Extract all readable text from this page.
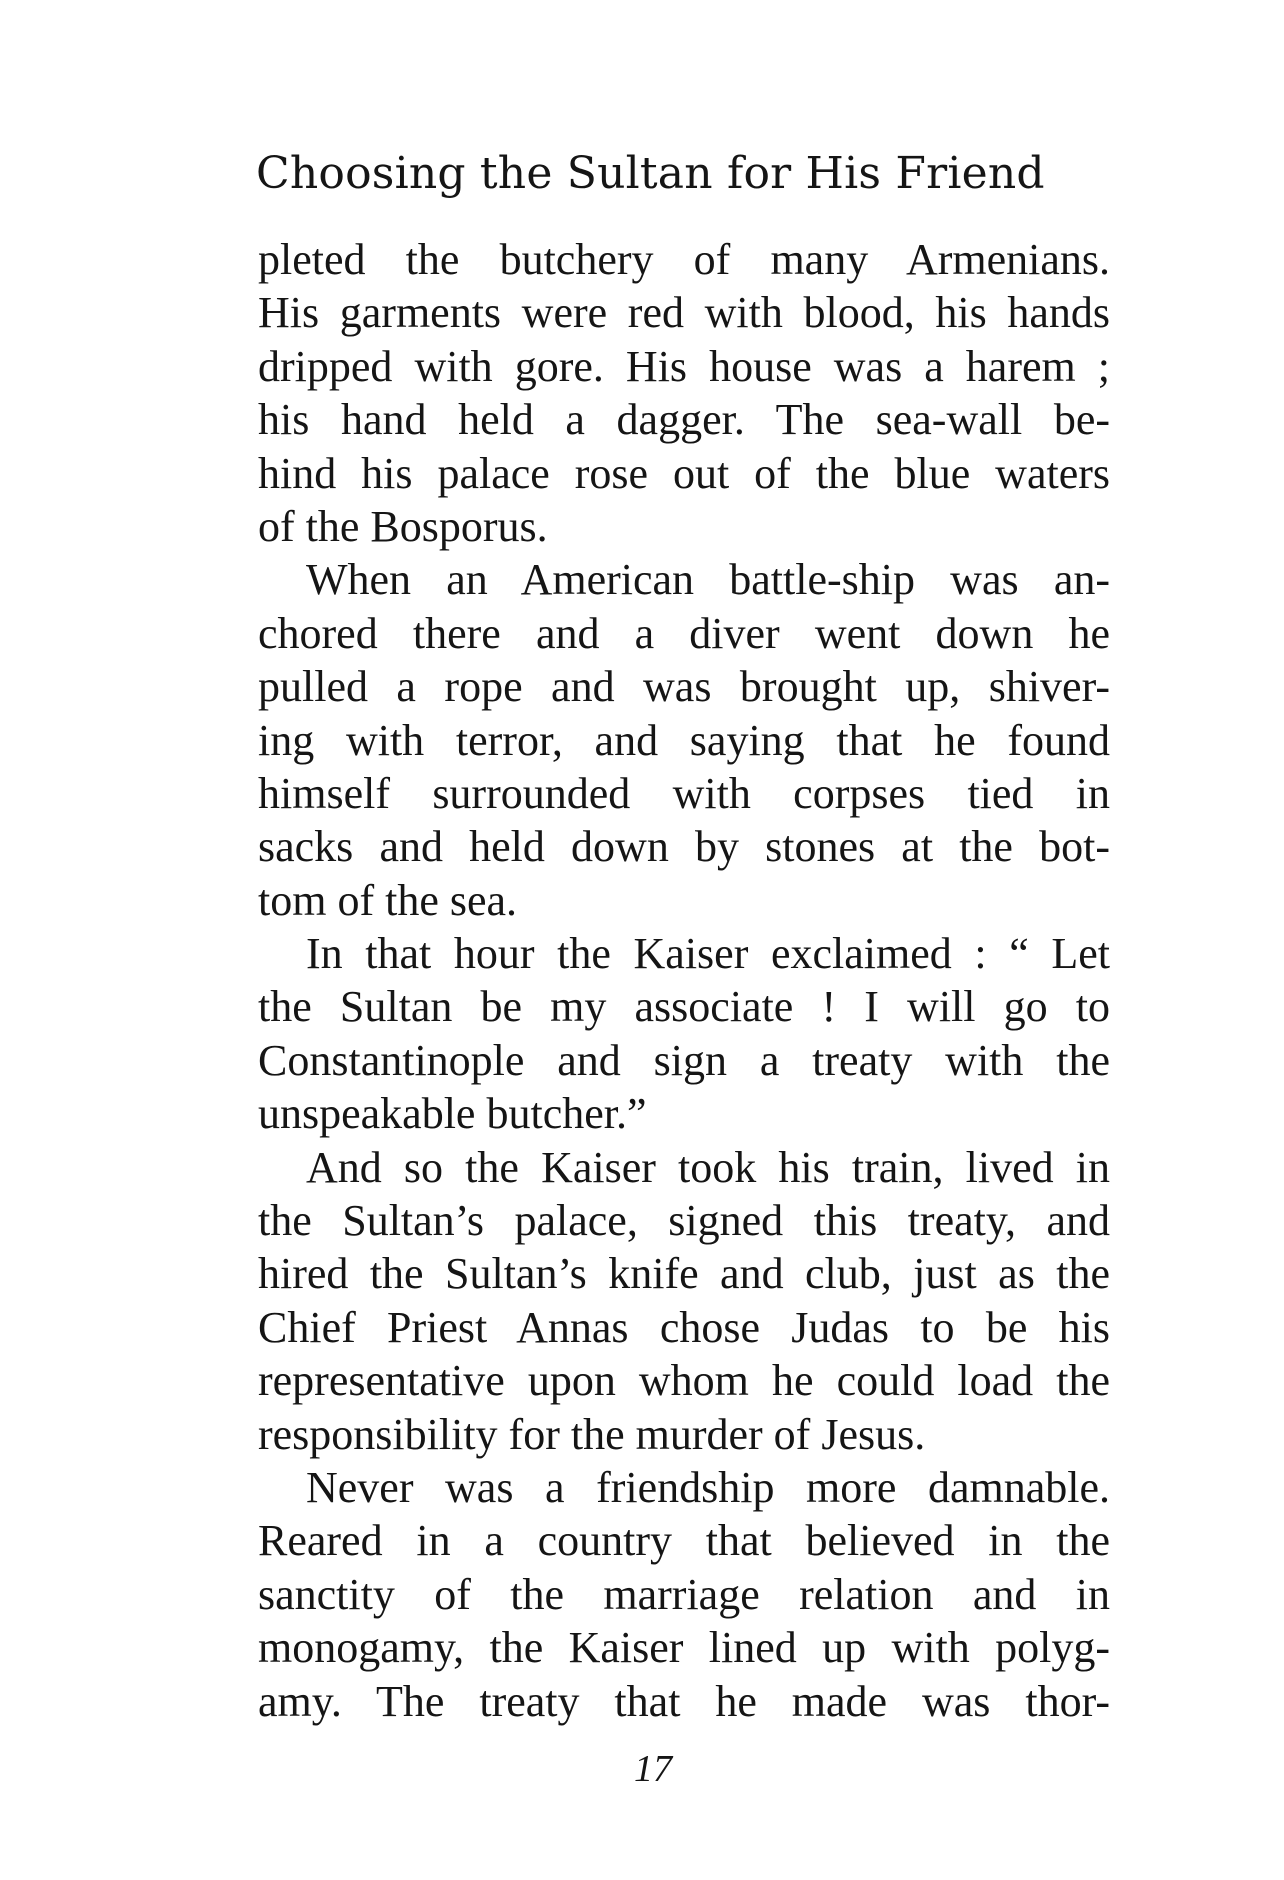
Choosing the Sultan for His Friend

pleted the butchery of many Armenians.
His garments were red with blood, his hands
dripped with gore. His house was a harem ;
his hand held a dagger. The sea-wall be-
hind his palace rose out of the blue waters
of the Bosporus.

When an American battle-ship was an-
chored there and a diver went down he
pulled a rope and was brought up, shiver-
ing with terror, and saying that he found
himself surrounded with corpses tied in
sacks and held down by stones at the bot-
tom of the sea.

In that hour the Kaiser exclaimed : “ Let
the Sultan be my associate ! I will go to
Constantinople and sign a treaty with the
unspeakable butcher.”

And so the Kaiser took his train, lived in
the Sultan’s palace, signed this treaty, and
hired the Sultan’s knife and club, just as the
Chief Priest Annas chose Judas to be his
representative upon whom he could load the
responsibility for the murder of Jesus.

Never was a friendship more damnable.
Reared in a country that believed in the
sanctity of the marriage relation and in
monogamy, the Kaiser lined up with polyg-
amy. The treaty that he made was thor-

17
